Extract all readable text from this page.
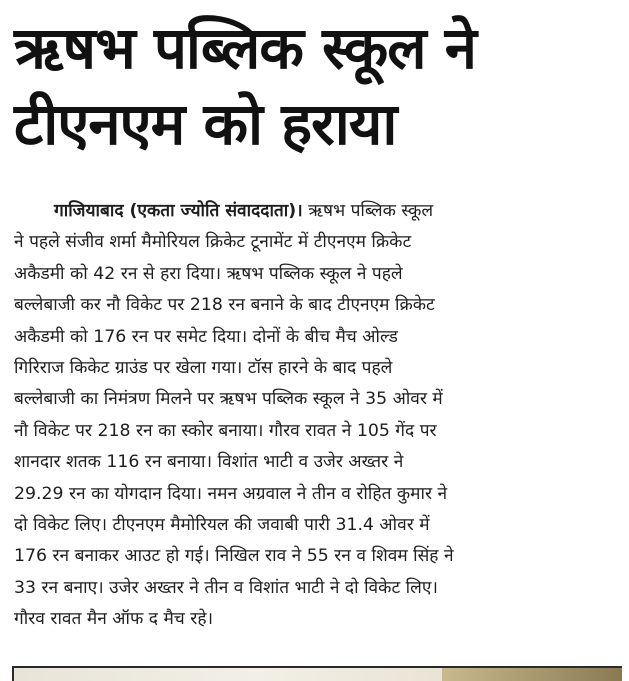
ऋषभ पब्लिक स्कूल ने
टीएनएम को हराया
गाजियाबाद (एकता ज्योति संवाददाता)। ऋषभ पब्लिक स्कूल
ने पहले संजीव शर्मा मैमोरियल क्रिकेट टूनामेंट में टीएनएम क्रिकेट
अकैडमी को 42 रन से हरा दिया। ऋषभ पब्लिक स्कूल ने पहले
बल्लेबाजी कर नौ विकेट पर 218 रन बनाने के बाद टीएनएम क्रिकेट
अकैडमी को 176 रन पर समेट दिया। दोनों के बीच मैच ओल्ड
गिरिराज किकेट ग्राउंड पर खेला गया। टॉस हारने के बाद पहले
बल्लेबाजी का निमंत्रण मिलने पर ऋषभ पब्लिक स्कूल ने 35 ओवर में
नौ विकेट पर 218 रन का स्कोर बनाया। गौरव रावत ने 105 गेंद पर
शानदार शतक 116 रन बनाया। विशांत भाटी व उजेर अख्तर ने
29.29 रन का योगदान दिया। नमन अग्रवाल ने तीन व रोहित कुमार ने
दो विकेट लिए। टीएनएम मैमोरियल की जवाबी पारी 31.4 ओवर में
176 रन बनाकर आउट हो गई। निखिल राव ने 55 रन व शिवम सिंह ने
33 रन बनाए। उजेर अख्तर ने तीन व विशांत भाटी ने दो विकेट लिए।
गौरव रावत मैन ऑफ द मैच रहे।
